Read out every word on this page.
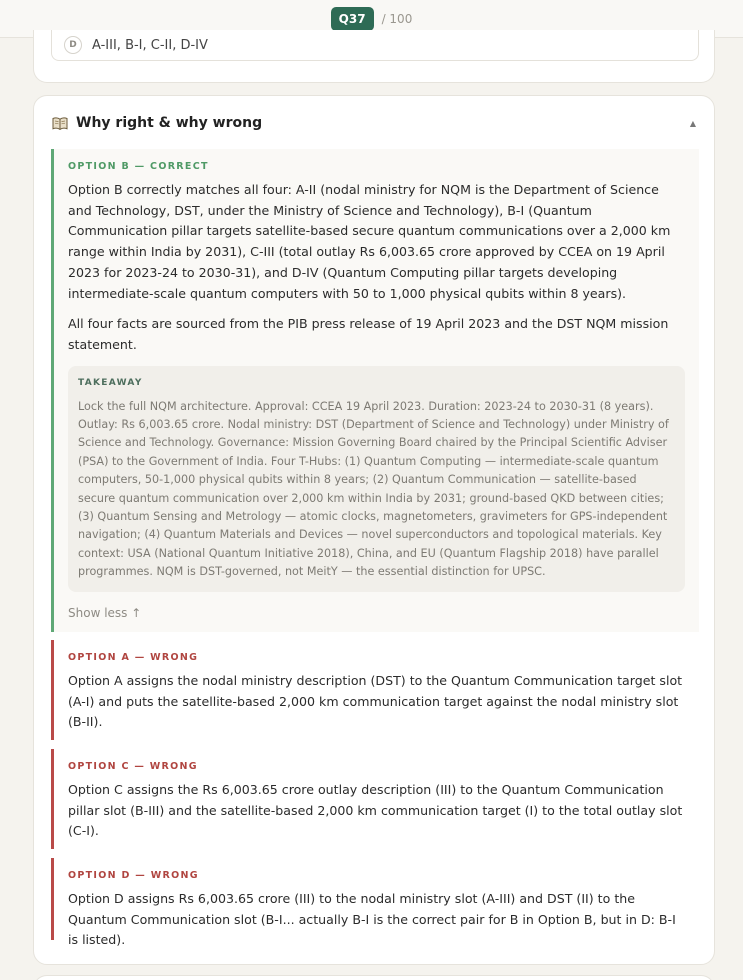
Q37	/ 100
D	A-III, B-I, C-II, D-IV
Why right & why wrong	▲
OPTION B — CORRECT

Option B correctly matches all four: A-II (nodal ministry for NQM is the Department of Science and Technology, DST, under the Ministry of Science and Technology), B-I (Quantum Communication pillar targets satellite-based secure quantum communications over a 2,000 km range within India by 2031), C-III (total outlay Rs 6,003.65 crore approved by CCEA on 19 April 2023 for 2023-24 to 2030-31), and D-IV (Quantum Computing pillar targets developing intermediate-scale quantum computers with 50 to 1,000 physical qubits within 8 years).

All four facts are sourced from the PIB press release of 19 April 2023 and the DST NQM mission statement.

TAKEAWAY

Lock the full NQM architecture. Approval: CCEA 19 April 2023. Duration: 2023-24 to 2030-31 (8 years). Outlay: Rs 6,003.65 crore. Nodal ministry: DST (Department of Science and Technology) under Ministry of Science and Technology. Governance: Mission Governing Board chaired by the Principal Scientific Adviser (PSA) to the Government of India. Four T-Hubs: (1) Quantum Computing — intermediate-scale quantum computers, 50-1,000 physical qubits within 8 years; (2) Quantum Communication — satellite-based secure quantum communication over 2,000 km within India by 2031; ground-based QKD between cities; (3) Quantum Sensing and Metrology — atomic clocks, magnetometers, gravimeters for GPS-independent navigation; (4) Quantum Materials and Devices — novel superconductors and topological materials. Key context: USA (National Quantum Initiative 2018), China, and EU (Quantum Flagship 2018) have parallel programmes. NQM is DST-governed, not MeitY — the essential distinction for UPSC.

Show less ↑
OPTION A — WRONG

Option A assigns the nodal ministry description (DST) to the Quantum Communication target slot (A-I) and puts the satellite-based 2,000 km communication target against the nodal ministry slot (B-II).

OPTION C — WRONG

Option C assigns the Rs 6,003.65 crore outlay description (III) to the Quantum Communication pillar slot (B-III) and the satellite-based 2,000 km communication target (I) to the total outlay slot (C-I).

OPTION D — WRONG

Option D assigns Rs 6,003.65 crore (III) to the nodal ministry slot (A-III) and DST (II) to the Quantum Communication slot (B-I... actually B-I is the correct pair for B in Option B, but in D: B-I is listed).
